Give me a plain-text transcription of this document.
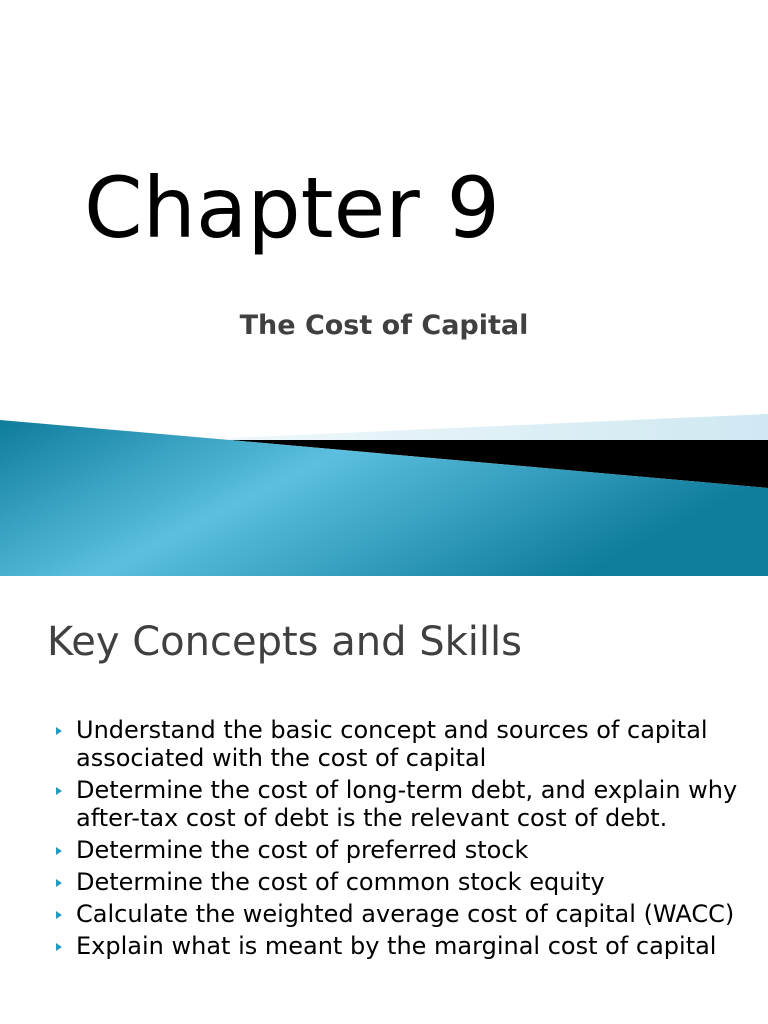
Chapter 9
The Cost of Capital
Key Concepts and Skills
Understand the basic concept and sources of capital associated with the cost of capital
Determine the cost of long-term debt, and explain why after-tax cost of debt is the relevant cost of debt.
Determine the cost of preferred stock
Determine the cost of common stock equity
Calculate the weighted average cost of capital (WACC)
Explain what is meant by the marginal cost of capital
